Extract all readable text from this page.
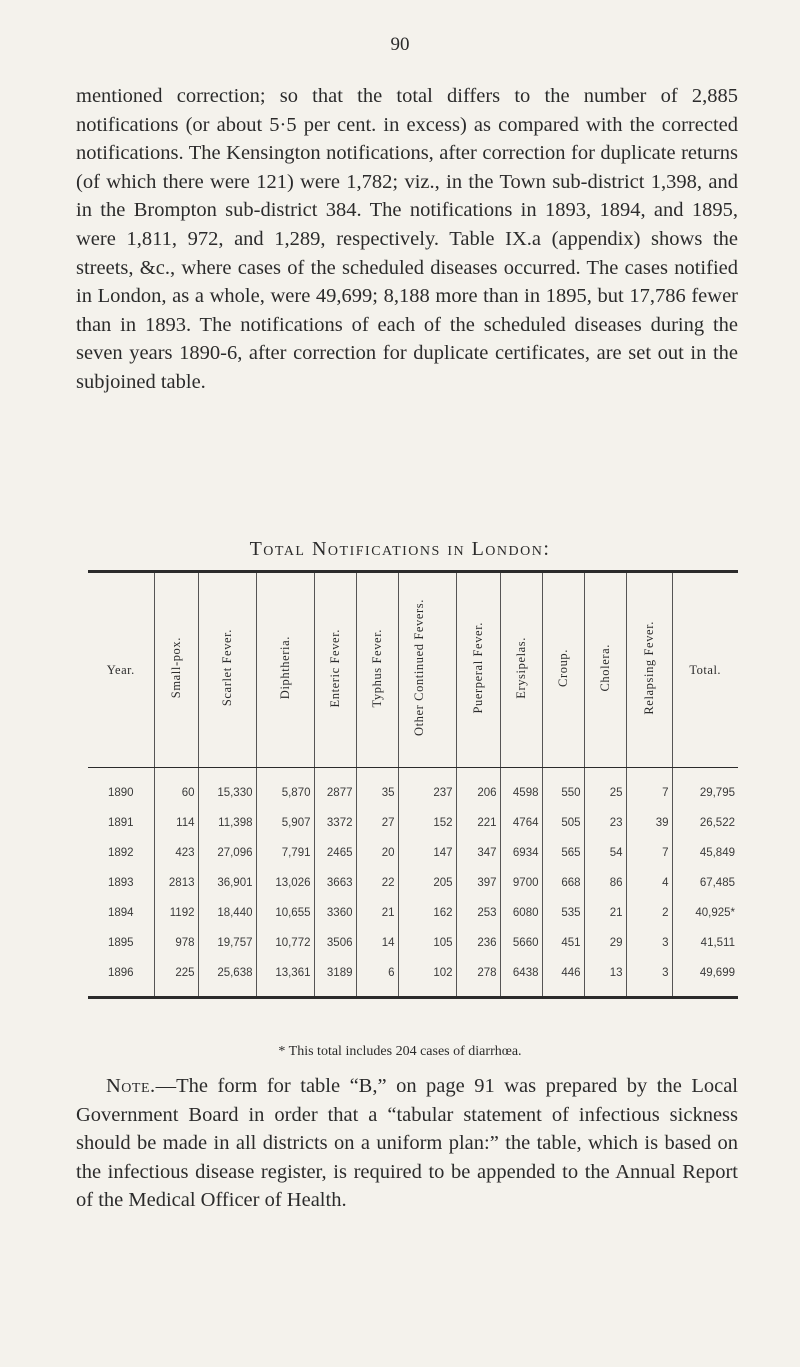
90

mentioned correction; so that the total differs to the number of 2,885 notifications (or about 5·5 per cent. in excess) as compared with the corrected notifications. The Kensington notifications, after correction for duplicate returns (of which there were 121) were 1,782; viz., in the Town sub-district 1,398, and in the Brompton sub-district 384. The notifications in 1893, 1894, and 1895, were 1,811, 972, and 1,289, respectively. Table IX.a (appendix) shows the streets, &c., where cases of the scheduled diseases occurred. The cases notified in London, as a whole, were 49,699; 8,188 more than in 1895, but 17,786 fewer than in 1893. The notifications of each of the scheduled diseases during the seven years 1890-6, after correction for duplicate certificates, are set out in the subjoined table.

Total Notifications in London:
Year.	Small-pox.	Scarlet Fever.	Diphtheria.	Enteric Fever.	Typhus Fever.	Other Continued Fevers.	Puerperal Fever.	Erysipelas.	Croup.	Cholera.	Relapsing Fever.	Total.
1890	60	15,330	5,870	2877	35	237	206	4598	550	25	7	29,795
1891	114	11,398	5,907	3372	27	152	221	4764	505	23	39	26,522
1892	423	27,096	7,791	2465	20	147	347	6934	565	54	7	45,849
1893	2813	36,901	13,026	3663	22	205	397	9700	668	86	4	67,485
1894	1192	18,440	10,655	3360	21	162	253	6080	535	21	2	40,925*
1895	978	19,757	10,772	3506	14	105	236	5660	451	29	3	41,511
1896	225	25,638	13,361	3189	6	102	278	6438	446	13	3	49,699
* This total includes 204 cases of diarrhœa.

Note.—The form for table “B,” on page 91 was prepared by the Local Government Board in order that a “tabular statement of infectious sickness should be made in all districts on a uniform plan:” the table, which is based on the infectious disease register, is required to be appended to the Annual Report of the Medical Officer of Health.
